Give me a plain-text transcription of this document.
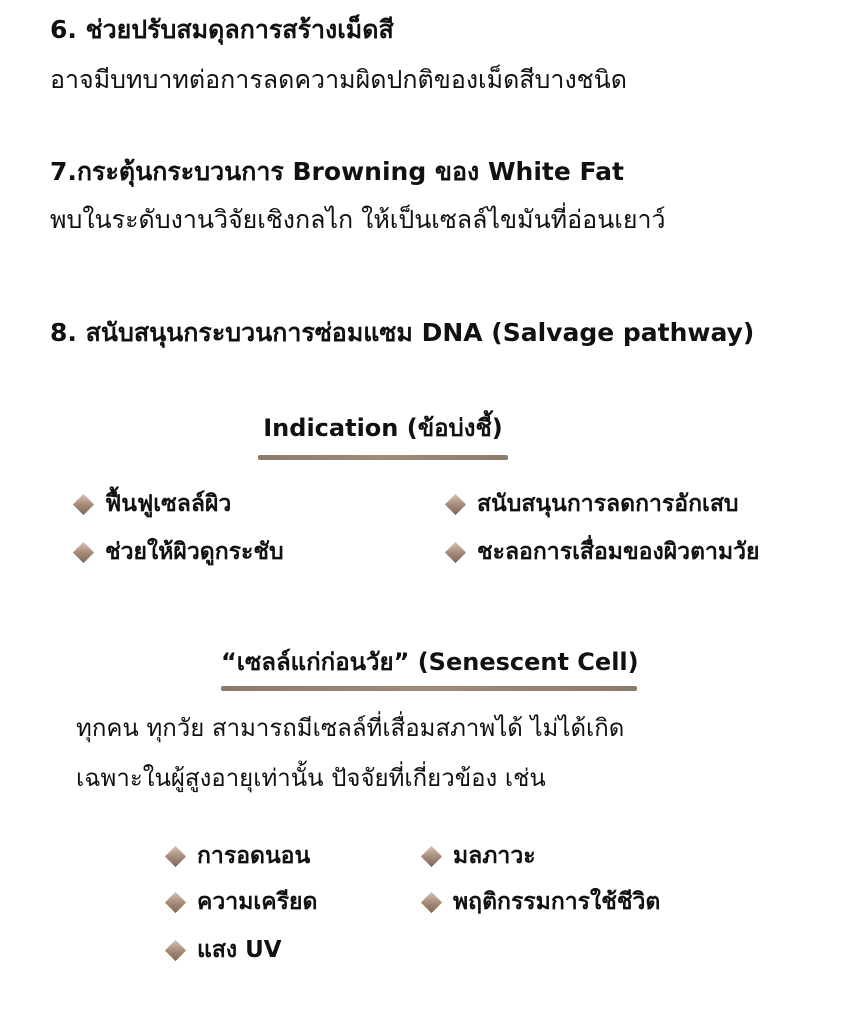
6. ช่วยปรับสมดุลการสร้างเม็ดสี
อาจมีบทบาทต่อการลดความผิดปกติของเม็ดสีบางชนิด
7.กระตุ้นกระบวนการ Browning ของ White Fat
พบในระดับงานวิจัยเชิงกลไก ให้เป็นเซลล์ไขมันที่อ่อนเยาว์
8. สนับสนุนกระบวนการซ่อมแซม DNA (Salvage pathway)
Indication (ข้อบ่งชี้)
ฟื้นฟูเซลล์ผิว	สนับสนุนการลดการอักเสบ
ช่วยให้ผิวดูกระชับ	ชะลอการเสื่อมของผิวตามวัย
“เซลล์แก่ก่อนวัย” (Senescent Cell)
ทุกคน ทุกวัย สามารถมีเซลล์ที่เสื่อมสภาพได้ ไม่ได้เกิด
เฉพาะในผู้สูงอายุเท่านั้น ปัจจัยที่เกี่ยวข้อง เช่น
การอดนอน	มลภาวะ
ความเครียด	พฤติกรรมการใช้ชีวิต
แสง UV
